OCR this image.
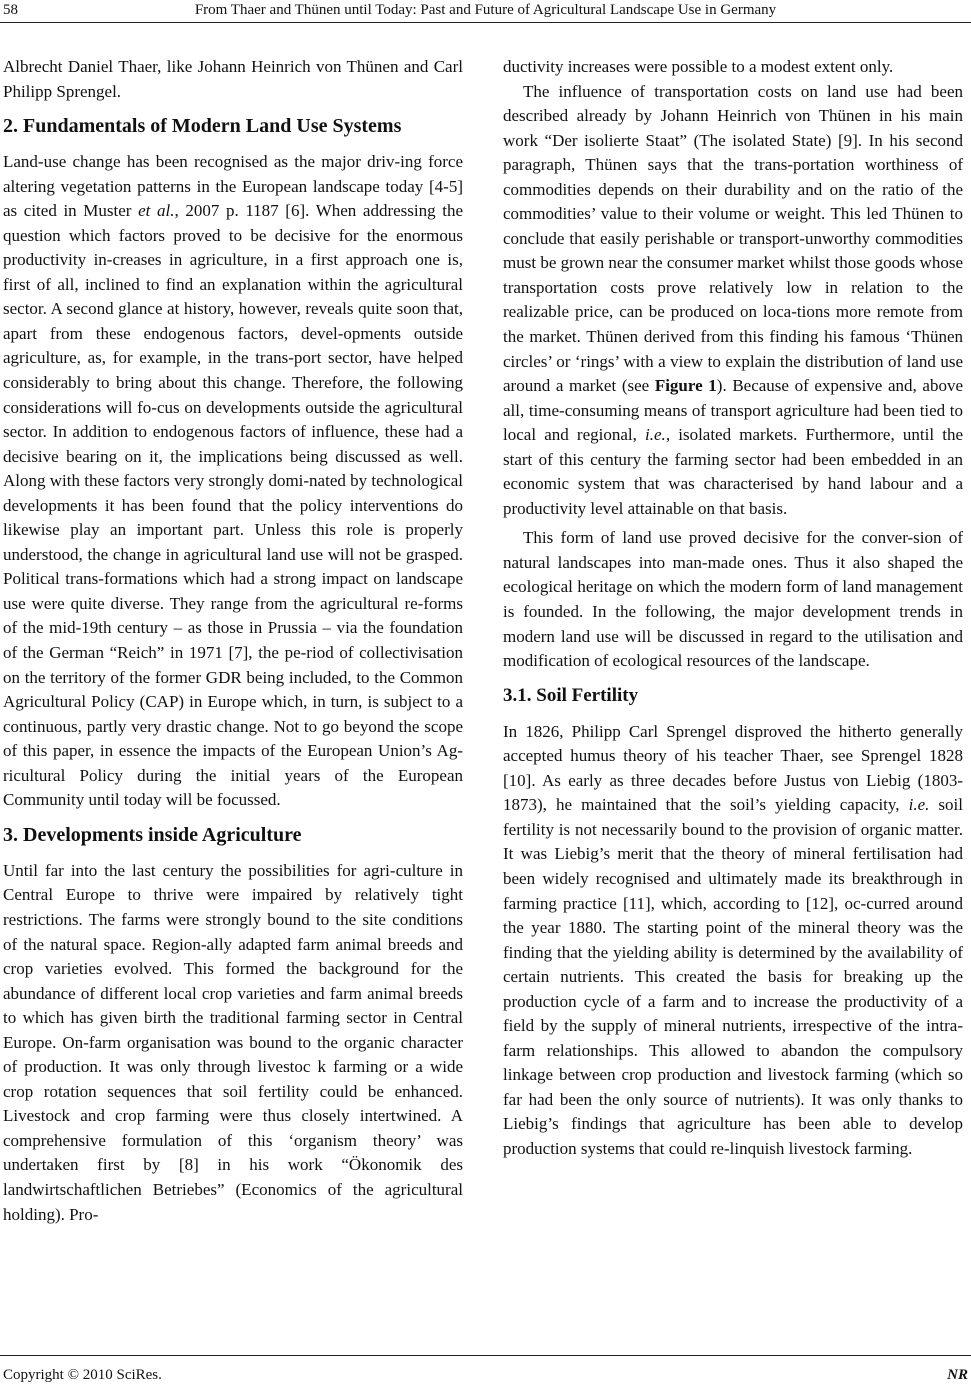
58	From Thaer and Thünen until Today: Past and Future of Agricultural Landscape Use in Germany

Albrecht Daniel Thaer, like Johann Heinrich von Thünen and Carl Philipp Sprengel.

2. Fundamentals of Modern Land Use Systems

Land-use change has been recognised as the major driv-ing force altering vegetation patterns in the European landscape today [4-5] as cited in Muster et al., 2007 p. 1187 [6]. When addressing the question which factors proved to be decisive for the enormous productivity in-creases in agriculture, in a first approach one is, first of all, inclined to find an explanation within the agricultural sector. A second glance at history, however, reveals quite soon that, apart from these endogenous factors, devel-opments outside agriculture, as, for example, in the trans-port sector, have helped considerably to bring about this change. Therefore, the following considerations will fo-cus on developments outside the agricultural sector. In addition to endogenous factors of influence, these had a decisive bearing on it, the implications being discussed as well. Along with these factors very strongly domi-nated by technological developments it has been found that the policy interventions do likewise play an important part. Unless this role is properly understood, the change in agricultural land use will not be grasped. Political trans-formations which had a strong impact on landscape use were quite diverse. They range from the agricultural re-forms of the mid-19th century – as those in Prussia – via the foundation of the German “Reich” in 1971 [7], the pe-riod of collectivisation on the territory of the former GDR being included, to the Common Agricultural Policy (CAP) in Europe which, in turn, is subject to a continuous, partly very drastic change. Not to go beyond the scope of this paper, in essence the impacts of the European Union’s Ag-ricultural Policy during the initial years of the European Community until today will be focussed.

3. Developments inside Agriculture

Until far into the last century the possibilities for agri-culture in Central Europe to thrive were impaired by relatively tight restrictions. The farms were strongly bound to the site conditions of the natural space. Region-ally adapted farm animal breeds and crop varieties evolved. This formed the background for the abundance of different local crop varieties and farm animal breeds to which has given birth the traditional farming sector in Central Europe. On-farm organisation was bound to the organic character of production. It was only through livestoc k farming or a wide crop rotation sequences that soil fertility could be enhanced. Livestock and crop farming were thus closely intertwined. A comprehensive formulation of this ‘organism theory’ was undertaken first by [8] in his work “Ökonomik des landwirtschaftlichen Betriebes” (Economics of the agricultural holding). Pro-

ductivity increases were possible to a modest extent only.

The influence of transportation costs on land use had been described already by Johann Heinrich von Thünen in his main work “Der isolierte Staat” (The isolated State) [9]. In his second paragraph, Thünen says that the trans-portation worthiness of commodities depends on their durability and on the ratio of the commodities’ value to their volume or weight. This led Thünen to conclude that easily perishable or transport-unworthy commodities must be grown near the consumer market whilst those goods whose transportation costs prove relatively low in relation to the realizable price, can be produced on loca-tions more remote from the market. Thünen derived from this finding his famous ‘Thünen circles’ or ‘rings’ with a view to explain the distribution of land use around a market (see Figure 1). Because of expensive and, above all, time-consuming means of transport agriculture had been tied to local and regional, i.e., isolated markets. Furthermore, until the start of this century the farming sector had been embedded in an economic system that was characterised by hand labour and a productivity level attainable on that basis.

This form of land use proved decisive for the conver-sion of natural landscapes into man-made ones. Thus it also shaped the ecological heritage on which the modern form of land management is founded. In the following, the major development trends in modern land use will be discussed in regard to the utilisation and modification of ecological resources of the landscape.

3.1. Soil Fertility

In 1826, Philipp Carl Sprengel disproved the hitherto generally accepted humus theory of his teacher Thaer, see Sprengel 1828 [10]. As early as three decades before Justus von Liebig (1803-1873), he maintained that the soil’s yielding capacity, i.e. soil fertility is not necessarily bound to the provision of organic matter. It was Liebig’s merit that the theory of mineral fertilisation had been widely recognised and ultimately made its breakthrough in farming practice [11], which, according to [12], oc-curred around the year 1880. The starting point of the mineral theory was the finding that the yielding ability is determined by the availability of certain nutrients. This created the basis for breaking up the production cycle of a farm and to increase the productivity of a field by the supply of mineral nutrients, irrespective of the intra-farm relationships. This allowed to abandon the compulsory linkage between crop production and livestock farming (which so far had been the only source of nutrients). It was only thanks to Liebig’s findings that agriculture has been able to develop production systems that could re-linquish livestock farming.

Copyright © 2010 SciRes.	NR
